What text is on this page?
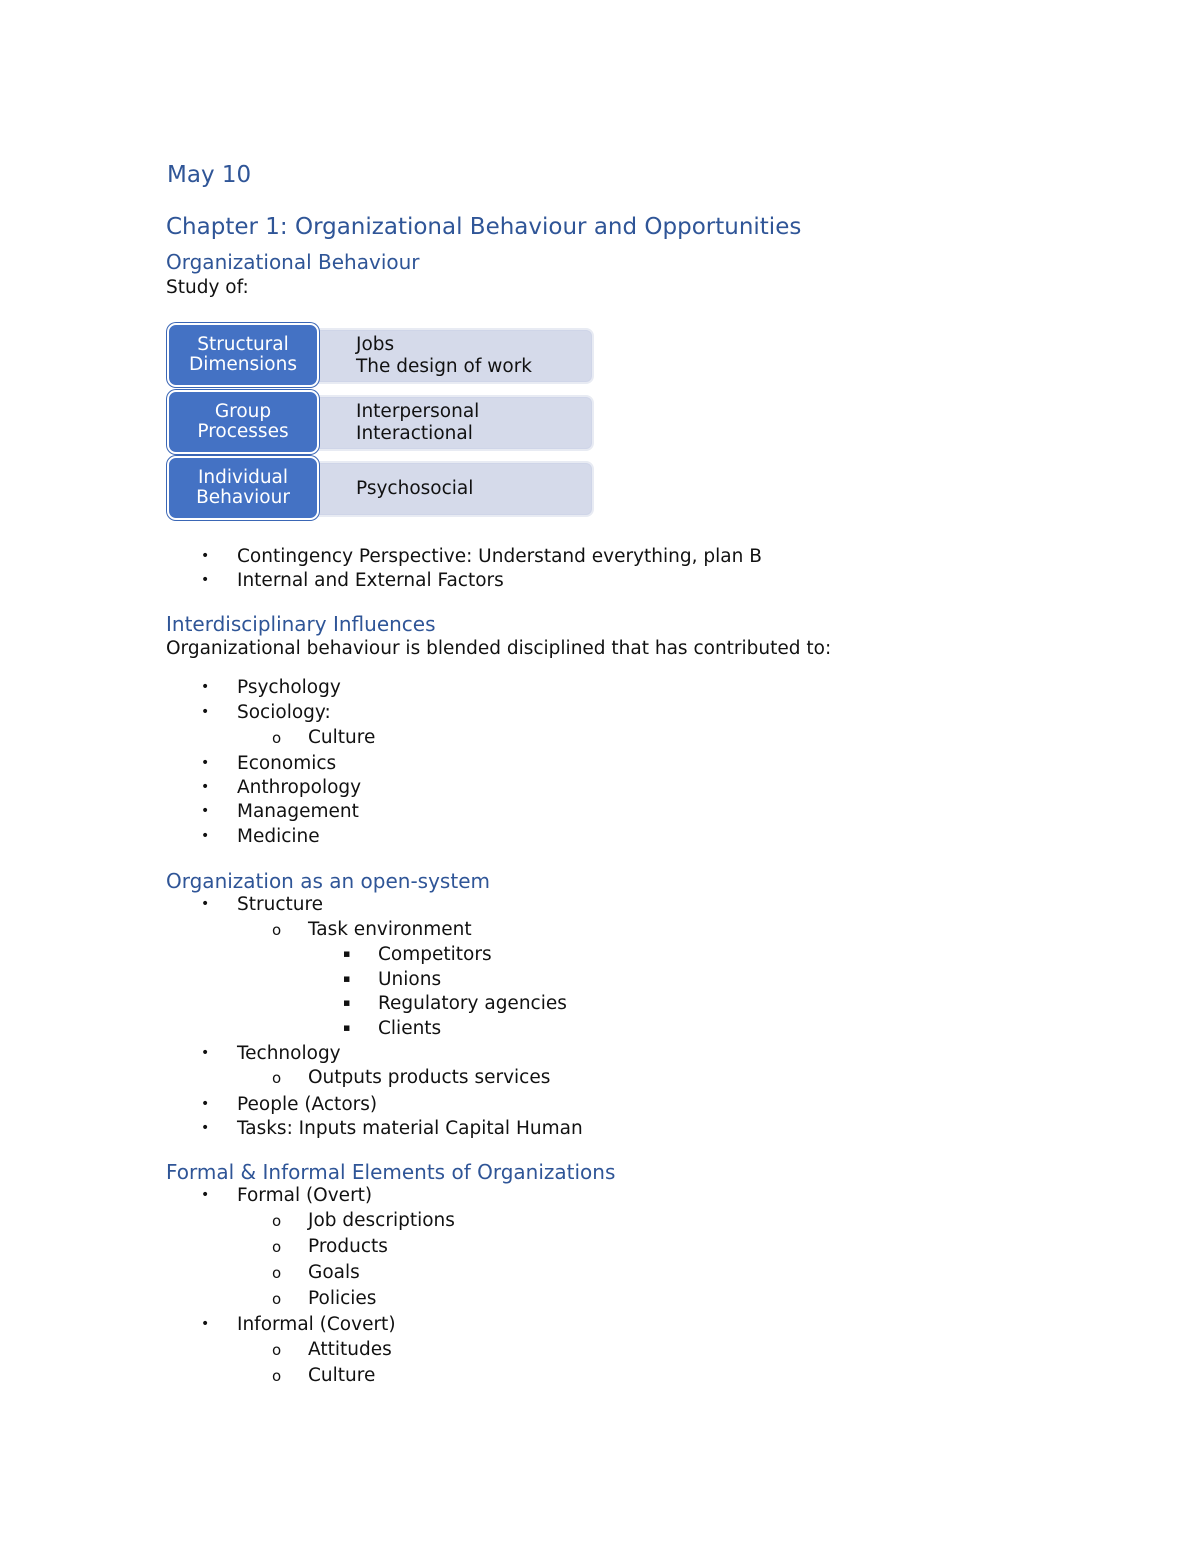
May 10
Chapter 1: Organizational Behaviour and Opportunities
Organizational Behaviour
Study of:
Jobs
The design of work
Structural
Dimensions
Interpersonal
Interactional
Group
Processes
Psychosocial
Individual
Behaviour
• Contingency Perspective: Understand everything, plan B
• Internal and External Factors
Interdisciplinary Influences
Organizational behaviour is blended disciplined that has contributed to:
• Psychology
• Sociology:
o Culture
• Economics
• Anthropology
• Management
• Medicine
Organization as an open-system
• Structure
o Task environment
▪ Competitors
▪ Unions
▪ Regulatory agencies
▪ Clients
• Technology
o Outputs products services
• People (Actors)
• Tasks: Inputs material Capital Human
Formal & Informal Elements of Organizations
• Formal (Overt)
o Job descriptions
o Products
o Goals
o Policies
• Informal (Covert)
o Attitudes
o Culture
